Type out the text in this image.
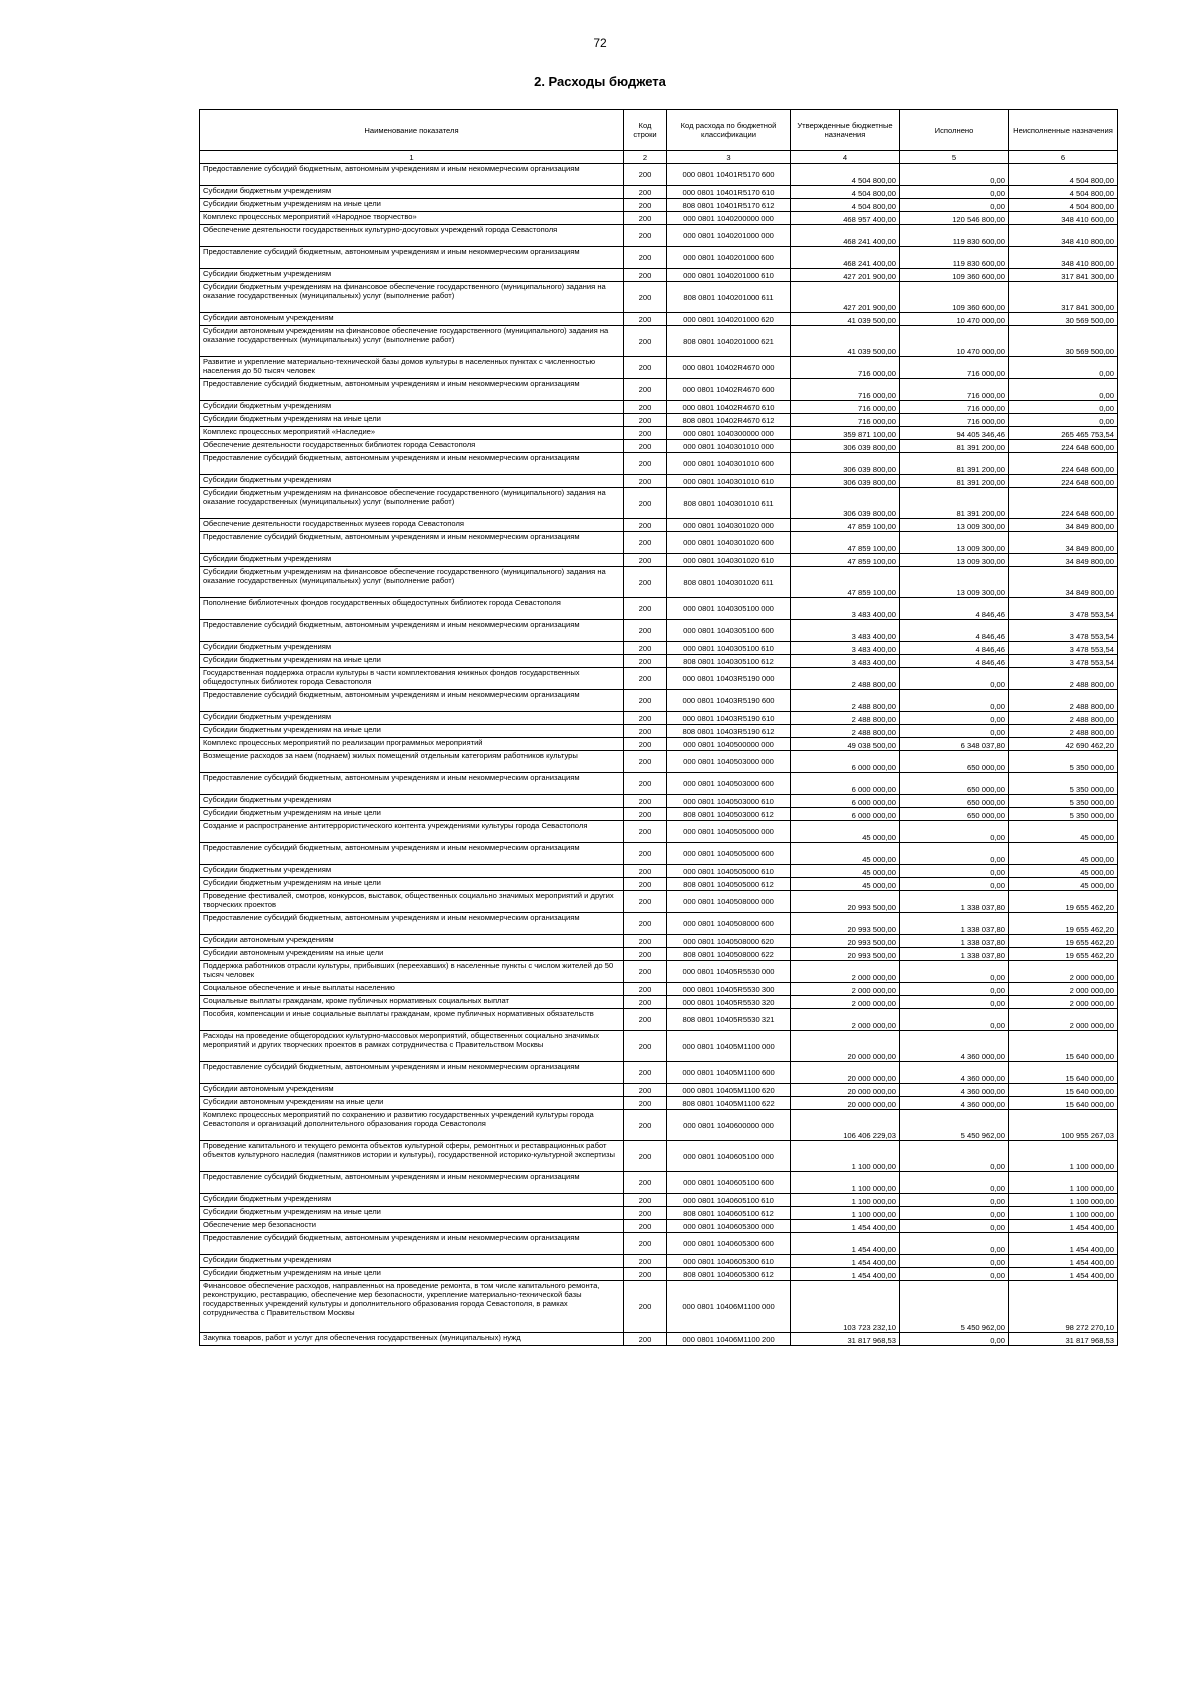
72
2. Расходы бюджета
Наименование показателя	Код строки	Код расхода по бюджетной классификации	Утвержденные бюджетные назначения	Исполнено	Неисполненные назначения
1	2	3	4	5	6
Предоставление субсидий бюджетным, автономным учреждениям и иным некоммерческим организациям	200	000 0801 10401R5170 600	4 504 800,00	0,00	4 504 800,00
Субсидии бюджетным учреждениям	200	000 0801 10401R5170 610	4 504 800,00	0,00	4 504 800,00
Субсидии бюджетным учреждениям на иные цели	200	808 0801 10401R5170 612	4 504 800,00	0,00	4 504 800,00
Комплекс процессных мероприятий «Народное творчество»	200	000 0801 1040200000 000	468 957 400,00	120 546 800,00	348 410 600,00
Обеспечение деятельности государственных культурно-досуговых учреждений города Севастополя	200	000 0801 1040201000 000	468 241 400,00	119 830 600,00	348 410 800,00
Предоставление субсидий бюджетным, автономным учреждениям и иным некоммерческим организациям	200	000 0801 1040201000 600	468 241 400,00	119 830 600,00	348 410 800,00
Субсидии бюджетным учреждениям	200	000 0801 1040201000 610	427 201 900,00	109 360 600,00	317 841 300,00
Субсидии бюджетным учреждениям на финансовое обеспечение государственного (муниципального) задания на оказание государственных (муниципальных) услуг (выполнение работ)	200	808 0801 1040201000 611	427 201 900,00	109 360 600,00	317 841 300,00
Субсидии автономным учреждениям	200	000 0801 1040201000 620	41 039 500,00	10 470 000,00	30 569 500,00
Субсидии автономным учреждениям на финансовое обеспечение государственного (муниципального) задания на оказание государственных (муниципальных) услуг (выполнение работ)	200	808 0801 1040201000 621	41 039 500,00	10 470 000,00	30 569 500,00
Развитие и укрепление материально-технической базы домов культуры в населенных пунктах с численностью населения до 50 тысяч человек	200	000 0801 10402R4670 000	716 000,00	716 000,00	0,00
Предоставление субсидий бюджетным, автономным учреждениям и иным некоммерческим организациям	200	000 0801 10402R4670 600	716 000,00	716 000,00	0,00
Субсидии бюджетным учреждениям	200	000 0801 10402R4670 610	716 000,00	716 000,00	0,00
Субсидии бюджетным учреждениям на иные цели	200	808 0801 10402R4670 612	716 000,00	716 000,00	0,00
Комплекс процессных мероприятий «Наследие»	200	000 0801 1040300000 000	359 871 100,00	94 405 346,46	265 465 753,54
Обеспечение деятельности государственных библиотек города Севастополя	200	000 0801 1040301010 000	306 039 800,00	81 391 200,00	224 648 600,00
Предоставление субсидий бюджетным, автономным учреждениям и иным некоммерческим организациям	200	000 0801 1040301010 600	306 039 800,00	81 391 200,00	224 648 600,00
Субсидии бюджетным учреждениям	200	000 0801 1040301010 610	306 039 800,00	81 391 200,00	224 648 600,00
Субсидии бюджетным учреждениям на финансовое обеспечение государственного (муниципального) задания на оказание государственных (муниципальных) услуг (выполнение работ)	200	808 0801 1040301010 611	306 039 800,00	81 391 200,00	224 648 600,00
Обеспечение деятельности государственных музеев города Севастополя	200	000 0801 1040301020 000	47 859 100,00	13 009 300,00	34 849 800,00
Предоставление субсидий бюджетным, автономным учреждениям и иным некоммерческим организациям	200	000 0801 1040301020 600	47 859 100,00	13 009 300,00	34 849 800,00
Субсидии бюджетным учреждениям	200	000 0801 1040301020 610	47 859 100,00	13 009 300,00	34 849 800,00
Субсидии бюджетным учреждениям на финансовое обеспечение государственного (муниципального) задания на оказание государственных (муниципальных) услуг (выполнение работ)	200	808 0801 1040301020 611	47 859 100,00	13 009 300,00	34 849 800,00
Пополнение библиотечных фондов государственных общедоступных библиотек города Севастополя	200	000 0801 1040305100 000	3 483 400,00	4 846,46	3 478 553,54
Предоставление субсидий бюджетным, автономным учреждениям и иным некоммерческим организациям	200	000 0801 1040305100 600	3 483 400,00	4 846,46	3 478 553,54
Субсидии бюджетным учреждениям	200	000 0801 1040305100 610	3 483 400,00	4 846,46	3 478 553,54
Субсидии бюджетным учреждениям на иные цели	200	808 0801 1040305100 612	3 483 400,00	4 846,46	3 478 553,54
Государственная поддержка отрасли культуры в части комплектования книжных фондов государственных общедоступных библиотек города Севастополя	200	000 0801 10403R5190 000	2 488 800,00	0,00	2 488 800,00
Предоставление субсидий бюджетным, автономным учреждениям и иным некоммерческим организациям	200	000 0801 10403R5190 600	2 488 800,00	0,00	2 488 800,00
Субсидии бюджетным учреждениям	200	000 0801 10403R5190 610	2 488 800,00	0,00	2 488 800,00
Субсидии бюджетным учреждениям на иные цели	200	808 0801 10403R5190 612	2 488 800,00	0,00	2 488 800,00
Комплекс процессных мероприятий по реализации программных мероприятий	200	000 0801 1040500000 000	49 038 500,00	6 348 037,80	42 690 462,20
Возмещение расходов за наем (поднаем) жилых помещений отдельным категориям работников культуры	200	000 0801 1040503000 000	6 000 000,00	650 000,00	5 350 000,00
Предоставление субсидий бюджетным, автономным учреждениям и иным некоммерческим организациям	200	000 0801 1040503000 600	6 000 000,00	650 000,00	5 350 000,00
Субсидии бюджетным учреждениям	200	000 0801 1040503000 610	6 000 000,00	650 000,00	5 350 000,00
Субсидии бюджетным учреждениям на иные цели	200	808 0801 1040503000 612	6 000 000,00	650 000,00	5 350 000,00
Создание и распространение антитеррористического контента учреждениями культуры города Севастополя	200	000 0801 1040505000 000	45 000,00	0,00	45 000,00
Предоставление субсидий бюджетным, автономным учреждениям и иным некоммерческим организациям	200	000 0801 1040505000 600	45 000,00	0,00	45 000,00
Субсидии бюджетным учреждениям	200	000 0801 1040505000 610	45 000,00	0,00	45 000,00
Субсидии бюджетным учреждениям на иные цели	200	808 0801 1040505000 612	45 000,00	0,00	45 000,00
Проведение фестивалей, смотров, конкурсов, выставок, общественных социально значимых мероприятий и других творческих проектов	200	000 0801 1040508000 000	20 993 500,00	1 338 037,80	19 655 462,20
Предоставление субсидий бюджетным, автономным учреждениям и иным некоммерческим организациям	200	000 0801 1040508000 600	20 993 500,00	1 338 037,80	19 655 462,20
Субсидии автономным учреждениям	200	000 0801 1040508000 620	20 993 500,00	1 338 037,80	19 655 462,20
Субсидии автономным учреждениям на иные цели	200	808 0801 1040508000 622	20 993 500,00	1 338 037,80	19 655 462,20
Поддержка работников отрасли культуры, прибывших (переехавших) в населенные пункты с числом жителей до 50 тысяч человек	200	000 0801 10405R5530 000	2 000 000,00	0,00	2 000 000,00
Социальное обеспечение и иные выплаты населению	200	000 0801 10405R5530 300	2 000 000,00	0,00	2 000 000,00
Социальные выплаты гражданам, кроме публичных нормативных социальных выплат	200	000 0801 10405R5530 320	2 000 000,00	0,00	2 000 000,00
Пособия, компенсации и иные социальные выплаты гражданам, кроме публичных нормативных обязательств	200	808 0801 10405R5530 321	2 000 000,00	0,00	2 000 000,00
Расходы на проведение общегородских культурно-массовых мероприятий, общественных социально значимых мероприятий и других творческих проектов в рамках сотрудничества с Правительством Москвы	200	000 0801 10405M1100 000	20 000 000,00	4 360 000,00	15 640 000,00
Предоставление субсидий бюджетным, автономным учреждениям и иным некоммерческим организациям	200	000 0801 10405M1100 600	20 000 000,00	4 360 000,00	15 640 000,00
Субсидии автономным учреждениям	200	000 0801 10405M1100 620	20 000 000,00	4 360 000,00	15 640 000,00
Субсидии автономным учреждениям на иные цели	200	808 0801 10405M1100 622	20 000 000,00	4 360 000,00	15 640 000,00
Комплекс процессных мероприятий по сохранению и развитию государственных учреждений культуры города Севастополя и организаций дополнительного образования города Севастополя	200	000 0801 1040600000 000	106 406 229,03	5 450 962,00	100 955 267,03
Проведение капитального и текущего ремонта объектов культурной сферы, ремонтных и реставрационных работ объектов культурного наследия (памятников истории и культуры), государственной историко-культурной экспертизы	200	000 0801 1040605100 000	1 100 000,00	0,00	1 100 000,00
Предоставление субсидий бюджетным, автономным учреждениям и иным некоммерческим организациям	200	000 0801 1040605100 600	1 100 000,00	0,00	1 100 000,00
Субсидии бюджетным учреждениям	200	000 0801 1040605100 610	1 100 000,00	0,00	1 100 000,00
Субсидии бюджетным учреждениям на иные цели	200	808 0801 1040605100 612	1 100 000,00	0,00	1 100 000,00
Обеспечение мер безопасности	200	000 0801 1040605300 000	1 454 400,00	0,00	1 454 400,00
Предоставление субсидий бюджетным, автономным учреждениям и иным некоммерческим организациям	200	000 0801 1040605300 600	1 454 400,00	0,00	1 454 400,00
Субсидии бюджетным учреждениям	200	000 0801 1040605300 610	1 454 400,00	0,00	1 454 400,00
Субсидии бюджетным учреждениям на иные цели	200	808 0801 1040605300 612	1 454 400,00	0,00	1 454 400,00
Финансовое обеспечение расходов, направленных на проведение ремонта, в том числе капитального ремонта, реконструкцию, реставрацию, обеспечение мер безопасности, укрепление материально-технической базы государственных учреждений культуры и дополнительного образования города Севастополя, в рамках сотрудничества с Правительством Москвы	200	000 0801 10406M1100 000	103 723 232,10	5 450 962,00	98 272 270,10
Закупка товаров, работ и услуг для обеспечения государственных (муниципальных) нужд	200	000 0801 10406M1100 200	31 817 968,53	0,00	31 817 968,53
